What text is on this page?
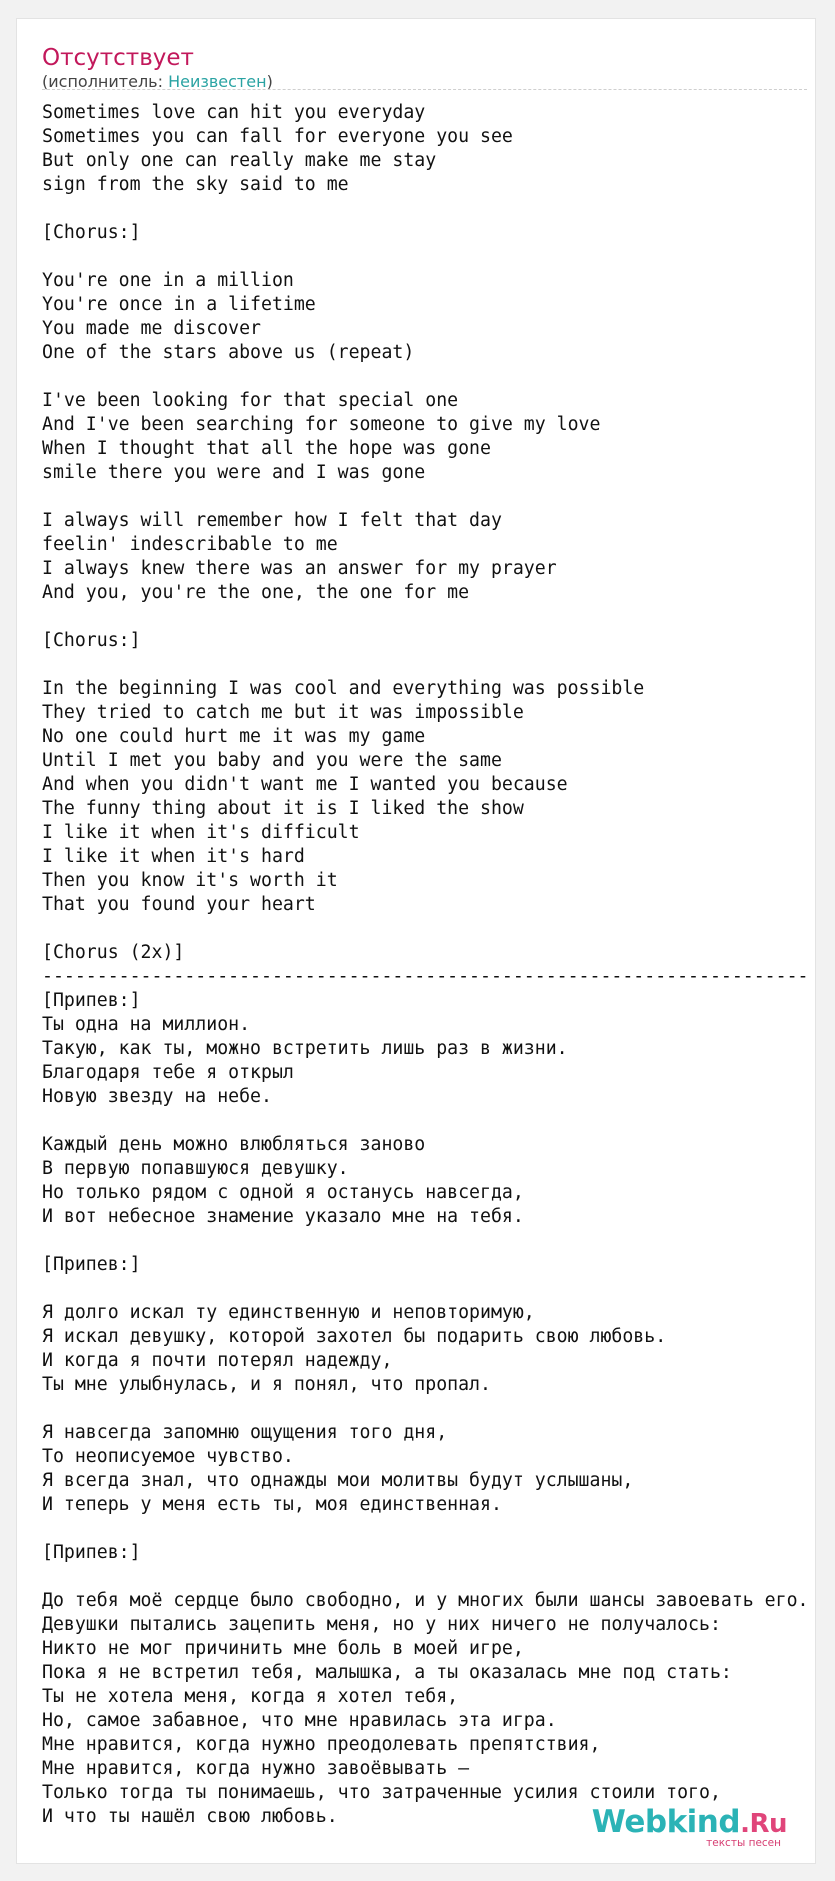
Отсутствует
(исполнитель: Неизвестен)
Sometimes love can hit you everyday
Sometimes you can fall for everyone you see
But only one can really make me stay
sign from the sky said to me

[Chorus:]

You're one in a million
You're once in a lifetime
You made me discover
One of the stars above us (repeat)

I've been looking for that special one
And I've been searching for someone to give my love
When I thought that all the hope was gone
smile there you were and I was gone

I always will remember how I felt that day
feelin' indescribable to me
I always knew there was an answer for my prayer
And you, you're the one, the one for me

[Chorus:]

In the beginning I was cool and everything was possible
They tried to catch me but it was impossible
No one could hurt me it was my game
Until I met you baby and you were the same
And when you didn't want me I wanted you because
The funny thing about it is I liked the show
I like it when it's difficult
I like it when it's hard
Then you know it's worth it
That you found your heart

[Chorus (2x)]
----------------------------------------------------------------------
[Припев:]
Ты одна на миллион.
Такую, как ты, можно встретить лишь раз в жизни.
Благодаря тебе я открыл
Новую звезду на небе.

Каждый день можно влюбляться заново
В первую попавшуюся девушку.
Но только рядом с одной я останусь навсегда,
И вот небесное знамение указало мне на тебя.

[Припев:]

Я долго искал ту единственную и неповторимую,
Я искал девушку, которой захотел бы подарить свою любовь.
И когда я почти потерял надежду,
Ты мне улыбнулась, и я понял, что пропал.

Я навсегда запомню ощущения того дня,
То неописуемое чувство.
Я всегда знал, что однажды мои молитвы будут услышаны,
И теперь у меня есть ты, моя единственная.

[Припев:]

До тебя моё сердце было свободно, и у многих были шансы завоевать его.
Девушки пытались зацепить меня, но у них ничего не получалось:
Никто не мог причинить мне боль в моей игре,
Пока я не встретил тебя, малышка, а ты оказалась мне под стать:
Ты не хотела меня, когда я хотел тебя,
Но, самое забавное, что мне нравилась эта игра.
Мне нравится, когда нужно преодолевать препятствия,
Мне нравится, когда нужно завоёвывать –
Только тогда ты понимаешь, что затраченные усилия стоили того,
И что ты нашёл свою любовь.	Webkind.Ru
тексты песен
